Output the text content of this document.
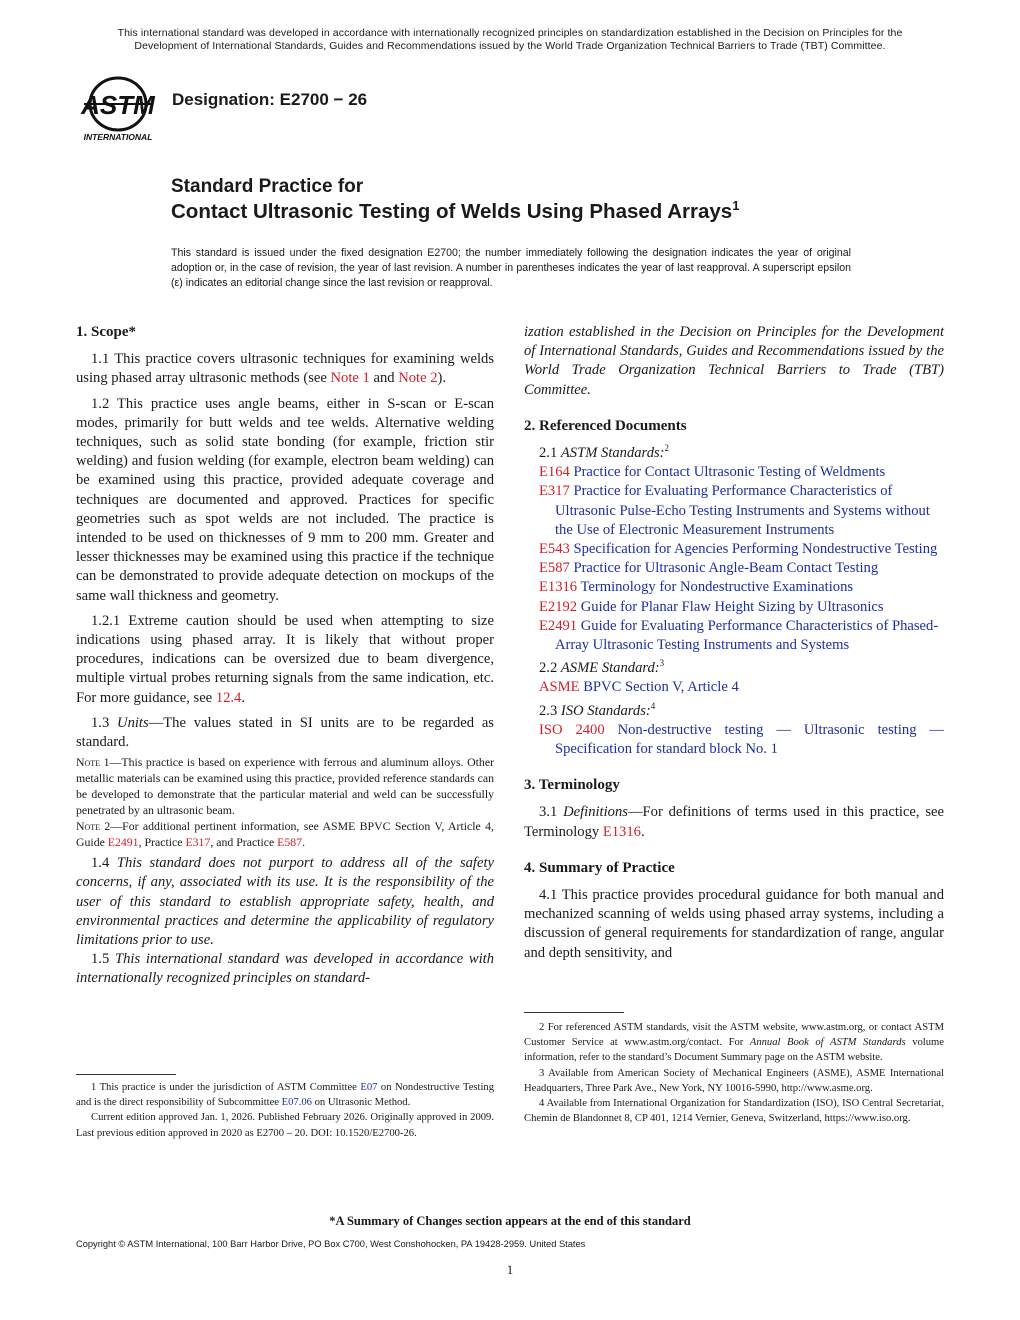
This international standard was developed in accordance with internationally recognized principles on standardization established in the Decision on Principles for the
Development of International Standards, Guides and Recommendations issued by the World Trade Organization Technical Barriers to Trade (TBT) Committee.
ASTM
INTERNATIONAL
Designation: E2700 − 26
Standard Practice for
Contact Ultrasonic Testing of Welds Using Phased Arrays$^1$
This standard is issued under the fixed designation E2700; the number immediately following the designation indicates the year of original adoption or, in the case of revision, the year of last revision. A number in parentheses indicates the year of last reapproval. A superscript epsilon (ε) indicates an editorial change since the last revision or reapproval.

1. Scope*

1.1 This practice covers ultrasonic techniques for examining welds using phased array ultrasonic methods (see Note 1 and Note 2).

1.2 This practice uses angle beams, either in S-scan or E-scan modes, primarily for butt welds and tee welds. Alternative welding techniques, such as solid state bonding (for example, friction stir welding) and fusion welding (for example, electron beam welding) can be examined using this practice, provided adequate coverage and techniques are documented and approved. Practices for specific geometries such as spot welds are not included. The practice is intended to be used on thicknesses of 9 mm to 200 mm. Greater and lesser thicknesses may be examined using this practice if the technique can be demonstrated to provide adequate detection on mockups of the same wall thickness and geometry.

1.2.1 Extreme caution should be used when attempting to size indications using phased array. It is likely that without proper procedures, indications can be oversized due to beam divergence, multiple virtual probes returning signals from the same indication, etc. For more guidance, see 12.4.

1.3 Units—The values stated in SI units are to be regarded as standard.

Note 1—This practice is based on experience with ferrous and aluminum alloys. Other metallic materials can be examined using this practice, provided reference standards can be developed to demonstrate that the particular material and weld can be successfully penetrated by an ultrasonic beam.

Note 2—For additional pertinent information, see ASME BPVC Section V, Article 4, Guide E2491, Practice E317, and Practice E587.

1.4 This standard does not purport to address all of the safety concerns, if any, associated with its use. It is the responsibility of the user of this standard to establish appropriate safety, health, and environmental practices and determine the applicability of regulatory limitations prior to use.

1.5 This international standard was developed in accordance with internationally recognized principles on standard-

1 This practice is under the jurisdiction of ASTM Committee E07 on Nondestructive Testing and is the direct responsibility of Subcommittee E07.06 on Ultrasonic Method.

Current edition approved Jan. 1, 2026. Published February 2026. Originally approved in 2009. Last previous edition approved in 2020 as E2700 – 20. DOI: 10.1520/E2700-26.

ization established in the Decision on Principles for the Development of International Standards, Guides and Recommendations issued by the World Trade Organization Technical Barriers to Trade (TBT) Committee.

2. Referenced Documents

2.1 ASTM Standards:$^2$

E164 Practice for Contact Ultrasonic Testing of Weldments

E317 Practice for Evaluating Performance Characteristics of Ultrasonic Pulse-Echo Testing Instruments and Systems without the Use of Electronic Measurement Instruments

E543 Specification for Agencies Performing Nondestructive Testing

E587 Practice for Ultrasonic Angle-Beam Contact Testing

E1316 Terminology for Nondestructive Examinations

E2192 Guide for Planar Flaw Height Sizing by Ultrasonics

E2491 Guide for Evaluating Performance Characteristics of Phased-Array Ultrasonic Testing Instruments and Systems

2.2 ASME Standard:$^3$

ASME BPVC Section V, Article 4

2.3 ISO Standards:$^4$

ISO 2400 Non-destructive testing — Ultrasonic testing — Specification for standard block No. 1

3. Terminology

3.1 Definitions—For definitions of terms used in this practice, see Terminology E1316.

4. Summary of Practice

4.1 This practice provides procedural guidance for both manual and mechanized scanning of welds using phased array systems, including a discussion of general requirements for standardization of range, angular and depth sensitivity, and

2 For referenced ASTM standards, visit the ASTM website, www.astm.org, or contact ASTM Customer Service at www.astm.org/contact. For Annual Book of ASTM Standards volume information, refer to the standard’s Document Summary page on the ASTM website.

3 Available from American Society of Mechanical Engineers (ASME), ASME International Headquarters, Three Park Ave., New York, NY 10016-5990, http://www.asme.org.

4 Available from International Organization for Standardization (ISO), ISO Central Secretariat, Chemin de Blandonnet 8, CP 401, 1214 Vernier, Geneva, Switzerland, https://www.iso.org.

*A Summary of Changes section appears at the end of this standard
Copyright © ASTM International, 100 Barr Harbor Drive, PO Box C700, West Conshohocken, PA 19428-2959. United States
1
